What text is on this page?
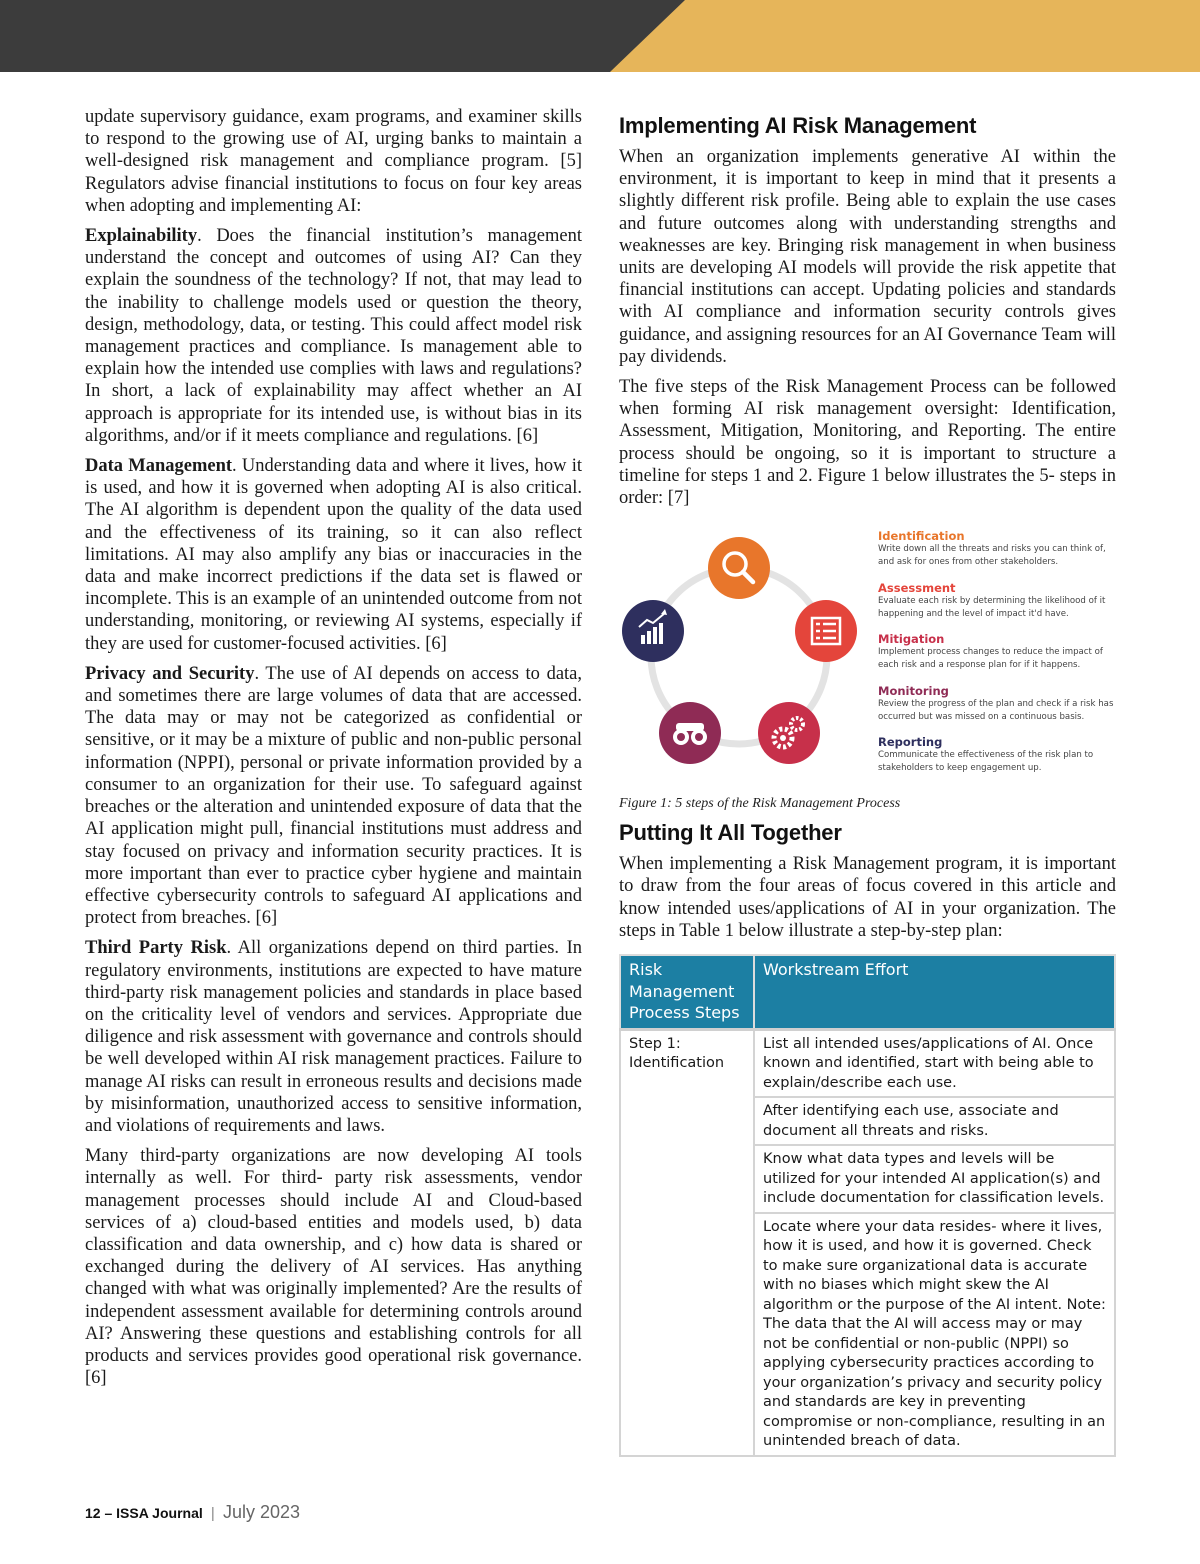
update supervisory guidance, exam programs, and examiner skills to respond to the growing use of AI, urging banks to maintain a well-designed risk management and compliance program. [5] Regulators advise financial institutions to focus on four key areas when adopting and implementing AI:

Explainability. Does the financial institution’s management understand the concept and outcomes of using AI? Can they explain the soundness of the technology? If not, that may lead to the inability to challenge models used or question the theory, design, methodology, data, or testing. This could affect model risk management practices and compliance. Is management able to explain how the intended use complies with laws and regulations? In short, a lack of explainability may affect whether an AI approach is appropriate for its intended use, is without bias in its algorithms, and/or if it meets compliance and regulations. [6]

Data Management. Understanding data and where it lives, how it is used, and how it is governed when adopting AI is also critical. The AI algorithm is dependent upon the quality of the data used and the effectiveness of its training, so it can also reflect limitations. AI may also amplify any bias or inaccuracies in the data and make incorrect predictions if the data set is flawed or incomplete. This is an example of an unintended outcome from not understanding, monitoring, or reviewing AI systems, especially if they are used for customer-focused activities. [6]

Privacy and Security. The use of AI depends on access to data, and sometimes there are large volumes of data that are accessed. The data may or may not be categorized as confidential or sensitive, or it may be a mixture of public and non-public personal information (NPPI), personal or private information provided by a consumer to an organization for their use. To safeguard against breaches or the alteration and unintended exposure of data that the AI application might pull, financial institutions must address and stay focused on privacy and information security practices. It is more important than ever to practice cyber hygiene and maintain effective cybersecurity controls to safeguard AI applications and protect from breaches. [6]

Third Party Risk. All organizations depend on third parties. In regulatory environments, institutions are expected to have mature third-party risk management policies and standards in place based on the criticality level of vendors and services. Appropriate due diligence and risk assessment with governance and controls should be well developed within AI risk management practices. Failure to manage AI risks can result in erroneous results and decisions made by misinformation, unauthorized access to sensitive information, and violations of requirements and laws.

Many third-party organizations are now developing AI tools internally as well. For third- party risk assessments, vendor management processes should include AI and Cloud-based services of a) cloud-based entities and models used, b) data classification and data ownership, and c) how data is shared or exchanged during the delivery of AI services. Has anything changed with what was originally implemented? Are the results of independent assessment available for determining controls around AI? Answering these questions and establishing controls for all products and services provides good operational risk governance. [6]

Implementing AI Risk Management

When an organization implements generative AI within the environment, it is important to keep in mind that it presents a slightly different risk profile. Being able to explain the use cases and future outcomes along with understanding strengths and weaknesses are key. Bringing risk management in when business units are developing AI models will provide the risk appetite that financial institutions can accept. Updating policies and standards with AI compliance and information security controls gives guidance, and assigning resources for an AI Governance Team will pay dividends.

The five steps of the Risk Management Process can be followed when forming AI risk management oversight: Identification, Assessment, Mitigation, Monitoring, and Reporting. The entire process should be ongoing, so it is important to structure a timeline for steps 1 and 2. Figure 1 below illustrates the 5- steps in order: [7]

Identification
Write down all the threats and risks you can think of, and ask for ones from other stakeholders.
Assessment
Evaluate each risk by determining the likelihood of it happening and the level of impact it'd have.
Mitigation
Implement process changes to reduce the impact of each risk and a response plan for if it happens.
Monitoring
Review the progress of the plan and check if a risk has occurred but was missed on a continuous basis.
Reporting
Communicate the effectiveness of the risk plan to stakeholders to keep engagement up.
Figure 1: 5 steps of the Risk Management Process
Putting It All Together

When implementing a Risk Management program, it is important to draw from the four areas of focus covered in this article and know intended uses/applications of AI in your organization. The steps in Table 1 below illustrate a step-by-step plan:

Risk Management Process Steps	Workstream Effort
Step 1: Identification	List all intended uses/applications of AI. Once known and identified, start with being able to explain/describe each use.
	After identifying each use, associate and document all threats and risks.
	Know what data types and levels will be utilized for your intended AI application(s) and include documentation for classification levels.
	Locate where your data resides- where it lives, how it is used, and how it is governed. Check to make sure organizational data is accurate with no biases which might skew the AI algorithm or the purpose of the AI intent. Note: The data that the AI will access may or may not be confidential or non-public (NPPI) so applying cybersecurity practices according to your organization’s privacy and security policy and standards are key in preventing compromise or non-compliance, resulting in an unintended breach of data.
12 – ISSA Journal | July 2023
